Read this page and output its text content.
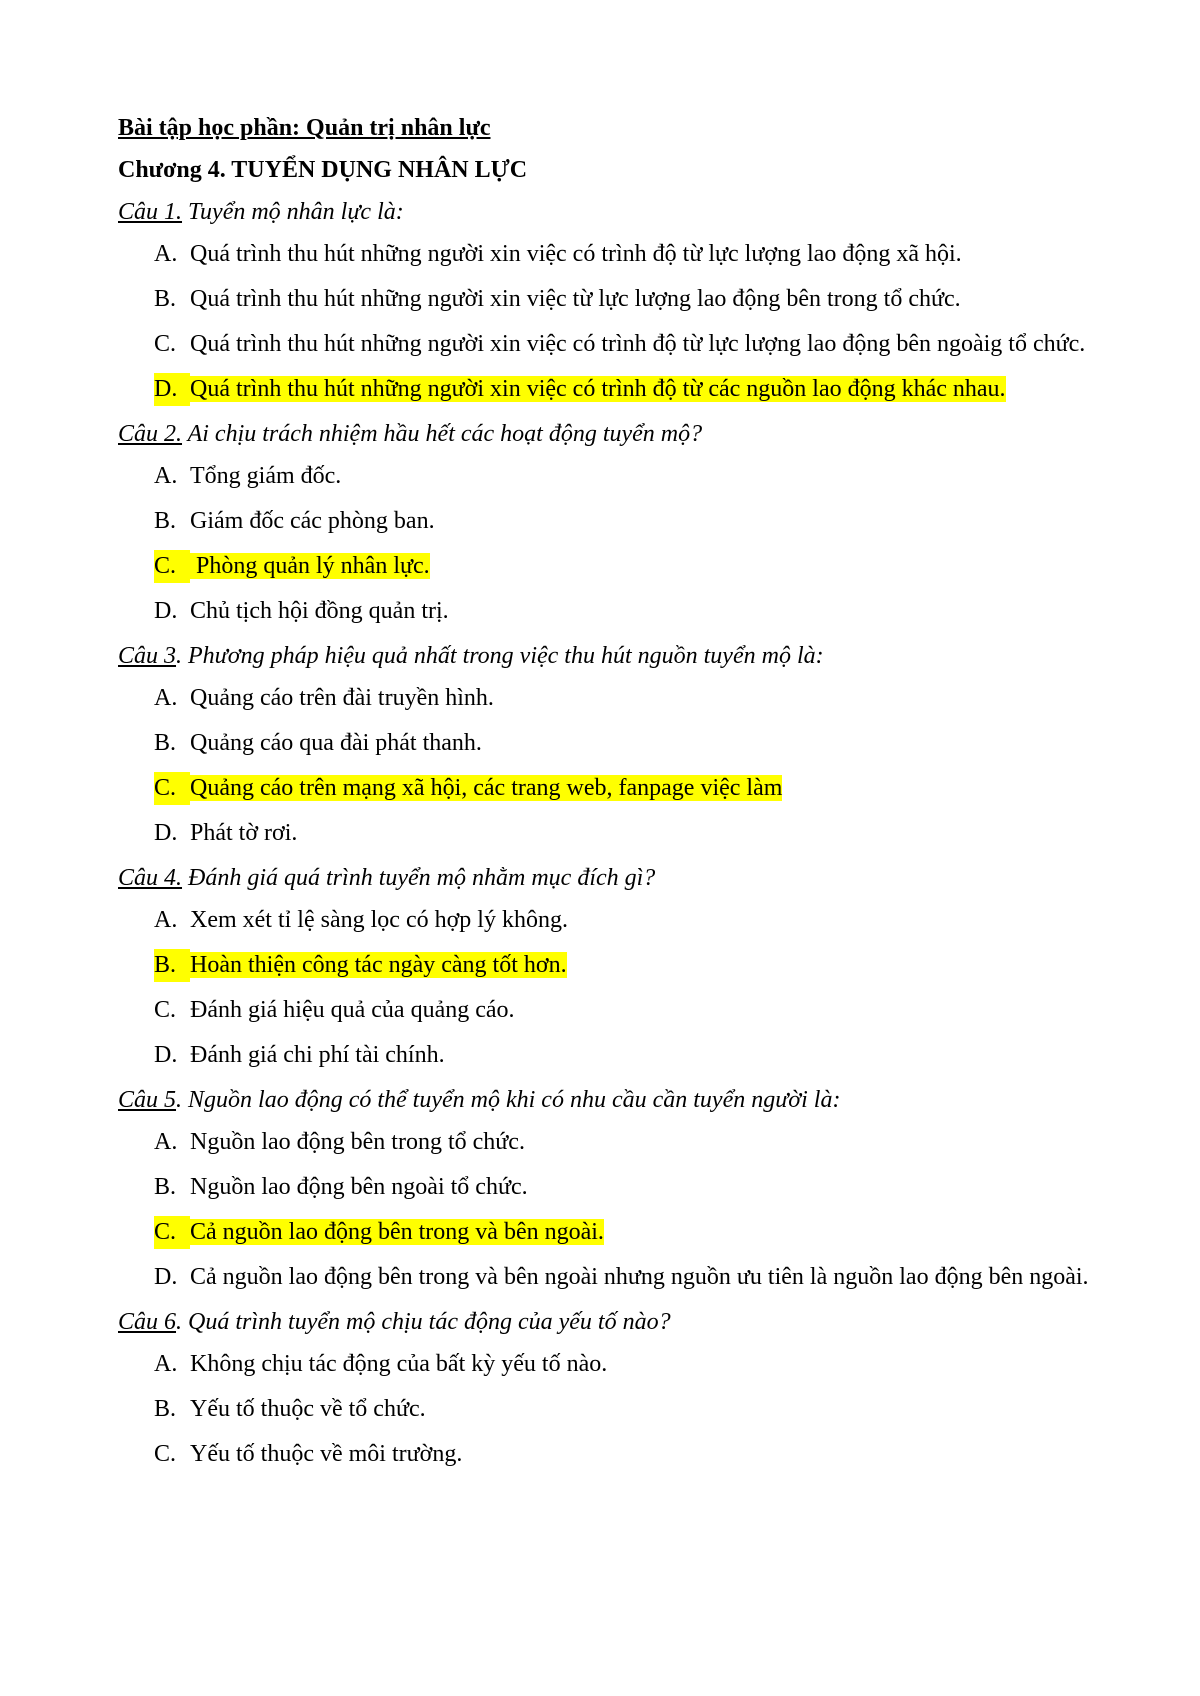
Bài tập học phần: Quản trị nhân lực
Chương 4. TUYỂN DỤNG NHÂN LỰC
Câu 1. Tuyển mộ nhân lực là:
A. Quá trình thu hút những người xin việc có trình độ từ lực lượng lao động xã hội.
B. Quá trình thu hút những người xin việc từ lực lượng lao động bên trong tổ chức.
C. Quá trình thu hút những người xin việc có trình độ từ lực lượng lao động bên ngoàig tổ chức.
D. Quá trình thu hút những người xin việc có trình độ từ các nguồn lao động khác nhau.
Câu 2. Ai chịu trách nhiệm hầu hết các hoạt động tuyển mộ?
A. Tổng giám đốc.
B. Giám đốc các phòng ban.
C. Phòng quản lý nhân lực.
D. Chủ tịch hội đồng quản trị.
Câu 3. Phương pháp hiệu quả nhất trong việc thu hút nguồn tuyển mộ là:
A. Quảng cáo trên đài truyền hình.
B. Quảng cáo qua đài phát thanh.
C. Quảng cáo trên mạng xã hội, các trang web, fanpage việc làm
D. Phát tờ rơi.
Câu 4. Đánh giá quá trình tuyển mộ nhằm mục đích gì?
A. Xem xét tỉ lệ sàng lọc có hợp lý không.
B. Hoàn thiện công tác ngày càng tốt hơn.
C. Đánh giá hiệu quả của quảng cáo.
D. Đánh giá chi phí tài chính.
Câu 5. Nguồn lao động có thể tuyển mộ khi có nhu cầu cần tuyển người là:
A. Nguồn lao động bên trong tổ chức.
B. Nguồn lao động bên ngoài tổ chức.
C. Cả nguồn lao động bên trong và bên ngoài.
D. Cả nguồn lao động bên trong và bên ngoài nhưng nguồn ưu tiên là nguồn lao động bên ngoài.
Câu 6. Quá trình tuyển mộ chịu tác động của yếu tố nào?
A. Không chịu tác động của bất kỳ yếu tố nào.
B. Yếu tố thuộc về tổ chức.
C. Yếu tố thuộc về môi trường.
